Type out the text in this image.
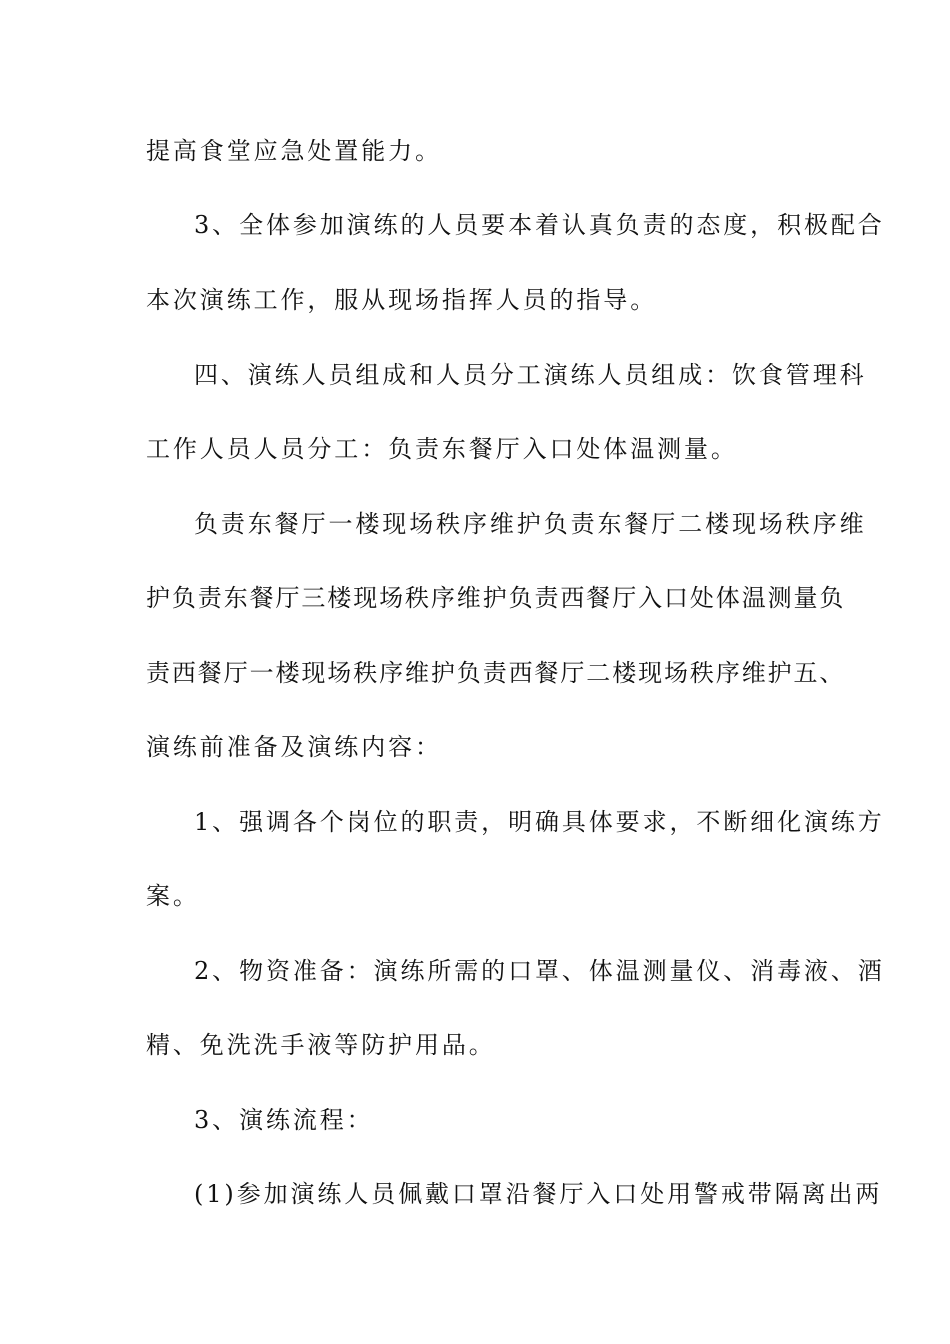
提高食堂应急处置能力。
3、全体参加演练的人员要本着认真负责的态度，积极配合
本次演练工作，服从现场指挥人员的指导。
四、演练人员组成和人员分工演练人员组成：饮食管理科
工作人员人员分工：负责东餐厅入口处体温测量。
负责东餐厅一楼现场秩序维护负责东餐厅二楼现场秩序维
护负责东餐厅三楼现场秩序维护负责西餐厅入口处体温测量负
责西餐厅一楼现场秩序维护负责西餐厅二楼现场秩序维护五、
演练前准备及演练内容：
1、强调各个岗位的职责，明确具体要求，不断细化演练方
案。
2、物资准备：演练所需的口罩、体温测量仪、消毒液、酒
精、免洗洗手液等防护用品。
3、演练流程：
(1)参加演练人员佩戴口罩沿餐厅入口处用警戒带隔离出两
